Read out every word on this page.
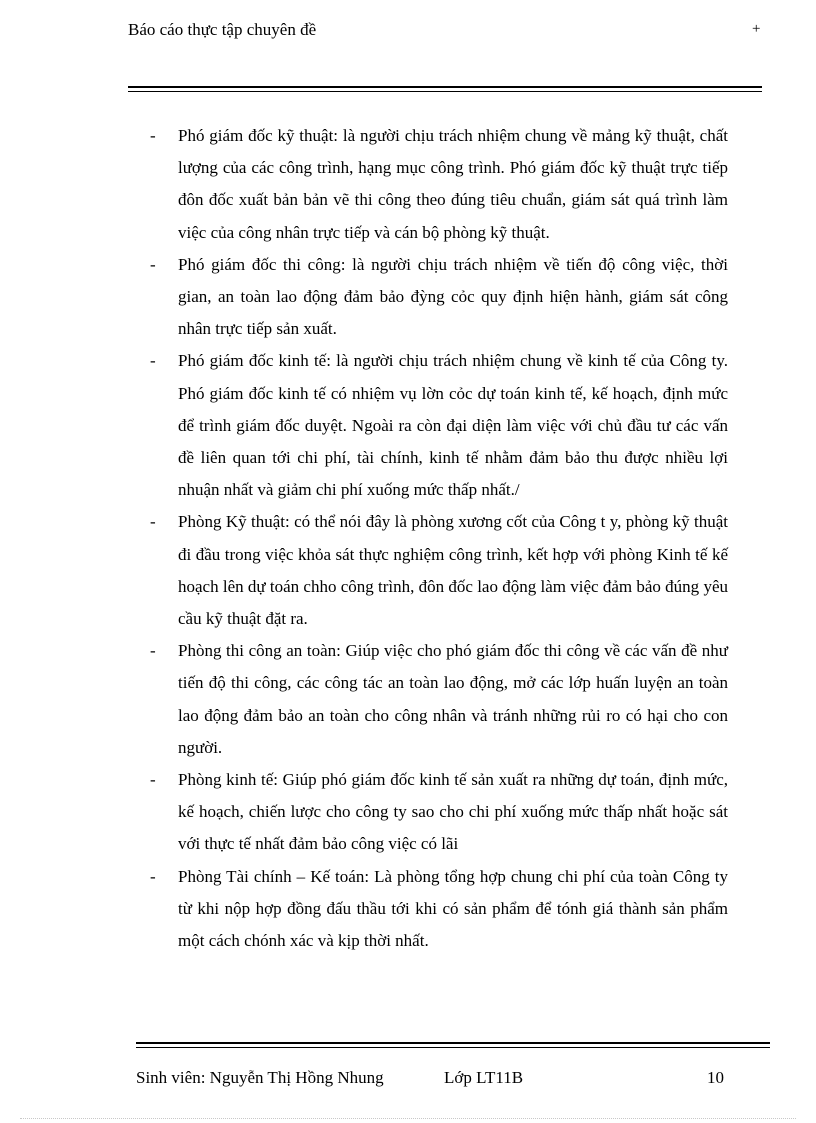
Báo cáo thực tập chuyên đề	+
- Phó giám đốc kỹ thuật: là người chịu trách nhiệm chung về mảng kỹ thuật, chất lượng của các công trình, hạng mục công trình. Phó giám đốc kỹ thuật trực tiếp đôn đốc xuất bản bản vẽ thi công theo đúng tiêu chuẩn, giám sát quá trình làm việc của công nhân trực tiếp và cán bộ phòng kỹ thuật.
- Phó giám đốc thi công: là người chịu trách nhiệm về tiến độ công việc, thời gian, an toàn lao động đảm bảo đỳng cỏc quy định hiện hành, giám sát công nhân trực tiếp sản xuất.
- Phó giám đốc kinh tế: là người chịu trách nhiệm chung về kinh tế của Công ty. Phó giám đốc kinh tế có nhiệm vụ lờn cỏc dự toán kinh tế, kế hoạch, định mức để trình giám đốc duyệt. Ngoài ra còn đại diện làm việc với chủ đầu tư các vấn đề liên quan tới chi phí, tài chính, kinh tế nhằm đảm bảo thu được nhiều lợi nhuận nhất và giảm chi phí xuống mức thấp nhất./
- Phòng Kỹ thuật: có thể nói đây là phòng xương cốt của Công t y, phòng kỹ thuật đi đầu trong việc khỏa sát thực nghiệm công trình, kết hợp với phòng Kinh tế kế hoạch lên dự toán chho công trình, đôn đốc lao động làm việc đảm bảo đúng yêu cầu kỹ thuật đặt ra.
- Phòng thi công an toàn: Giúp việc cho phó giám đốc thi công về các vấn đề như tiến độ thi công, các công tác an toàn lao động, mở các lớp huấn luyện an toàn lao động đảm bảo an toàn cho công nhân và tránh những rủi ro có hại cho con người.
- Phòng kinh tế: Giúp phó giám đốc kinh tế sản xuất ra những dự toán, định mức, kế hoạch, chiến lược cho công ty sao cho chi phí xuống mức thấp nhất hoặc sát với thực tế nhất đảm bảo công việc có lãi
- Phòng Tài chính – Kế toán: Là phòng tổng hợp chung chi phí của toàn Công ty từ khi nộp hợp đồng đấu thầu tới khi có sản phẩm để tónh giá thành sản phẩm một cách chónh xác và kịp thời nhất.
Sinh viên: Nguyễn Thị Hồng Nhung	Lớp LT11B	10
